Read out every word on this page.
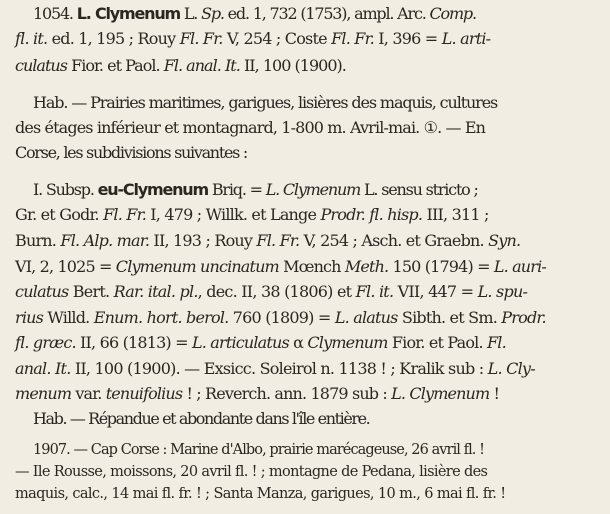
1054. L. Clymenum L. Sp. ed. 1, 732 (1753), ampl. Arc. Comp.
fl. it. ed. 1, 195 ; Rouy Fl. Fr. V, 254 ; Coste Fl. Fr. I, 396 = L. arti-
culatus Fior. et Paol. Fl. anal. It. II, 100 (1900).
Hab. — Prairies maritimes, garigues, lisières des maquis, cultures
des étages inférieur et montagnard, 1-800 m. Avril-mai. ①. — En
Corse, les subdivisions suivantes :
I. Subsp. eu-Clymenum Briq. = L. Clymenum L. sensu stricto ;
Gr. et Godr. Fl. Fr. I, 479 ; Willk. et Lange Prodr. fl. hisp. III, 311 ;
Burn. Fl. Alp. mar. II, 193 ; Rouy Fl. Fr. V, 254 ; Asch. et Graebn. Syn.
VI, 2, 1025 = Clymenum uncinatum Mœnch Meth. 150 (1794) = L. auri-
culatus Bert. Rar. ital. pl., dec. II, 38 (1806) et Fl. it. VII, 447 = L. spu-
rius Willd. Enum. hort. berol. 760 (1809) = L. alatus Sibth. et Sm. Prodr.
fl. græc. II, 66 (1813) = L. articulatus α Clymenum Fior. et Paol. Fl.
anal. It. II, 100 (1900). — Exsicc. Soleirol n. 1138 ! ; Kralik sub : L. Cly-
menum var. tenuifolius ! ; Reverch. ann. 1879 sub : L. Clymenum !
Hab. — Répandue et abondante dans l'île entière.
1907. — Cap Corse : Marine d'Albo, prairie marécageuse, 26 avril fl. !
— Ile Rousse, moissons, 20 avril fl. ! ; montagne de Pedana, lisière des
maquis, calc., 14 mai fl. fr. ! ; Santa Manza, garigues, 10 m., 6 mai fl. fr. !
